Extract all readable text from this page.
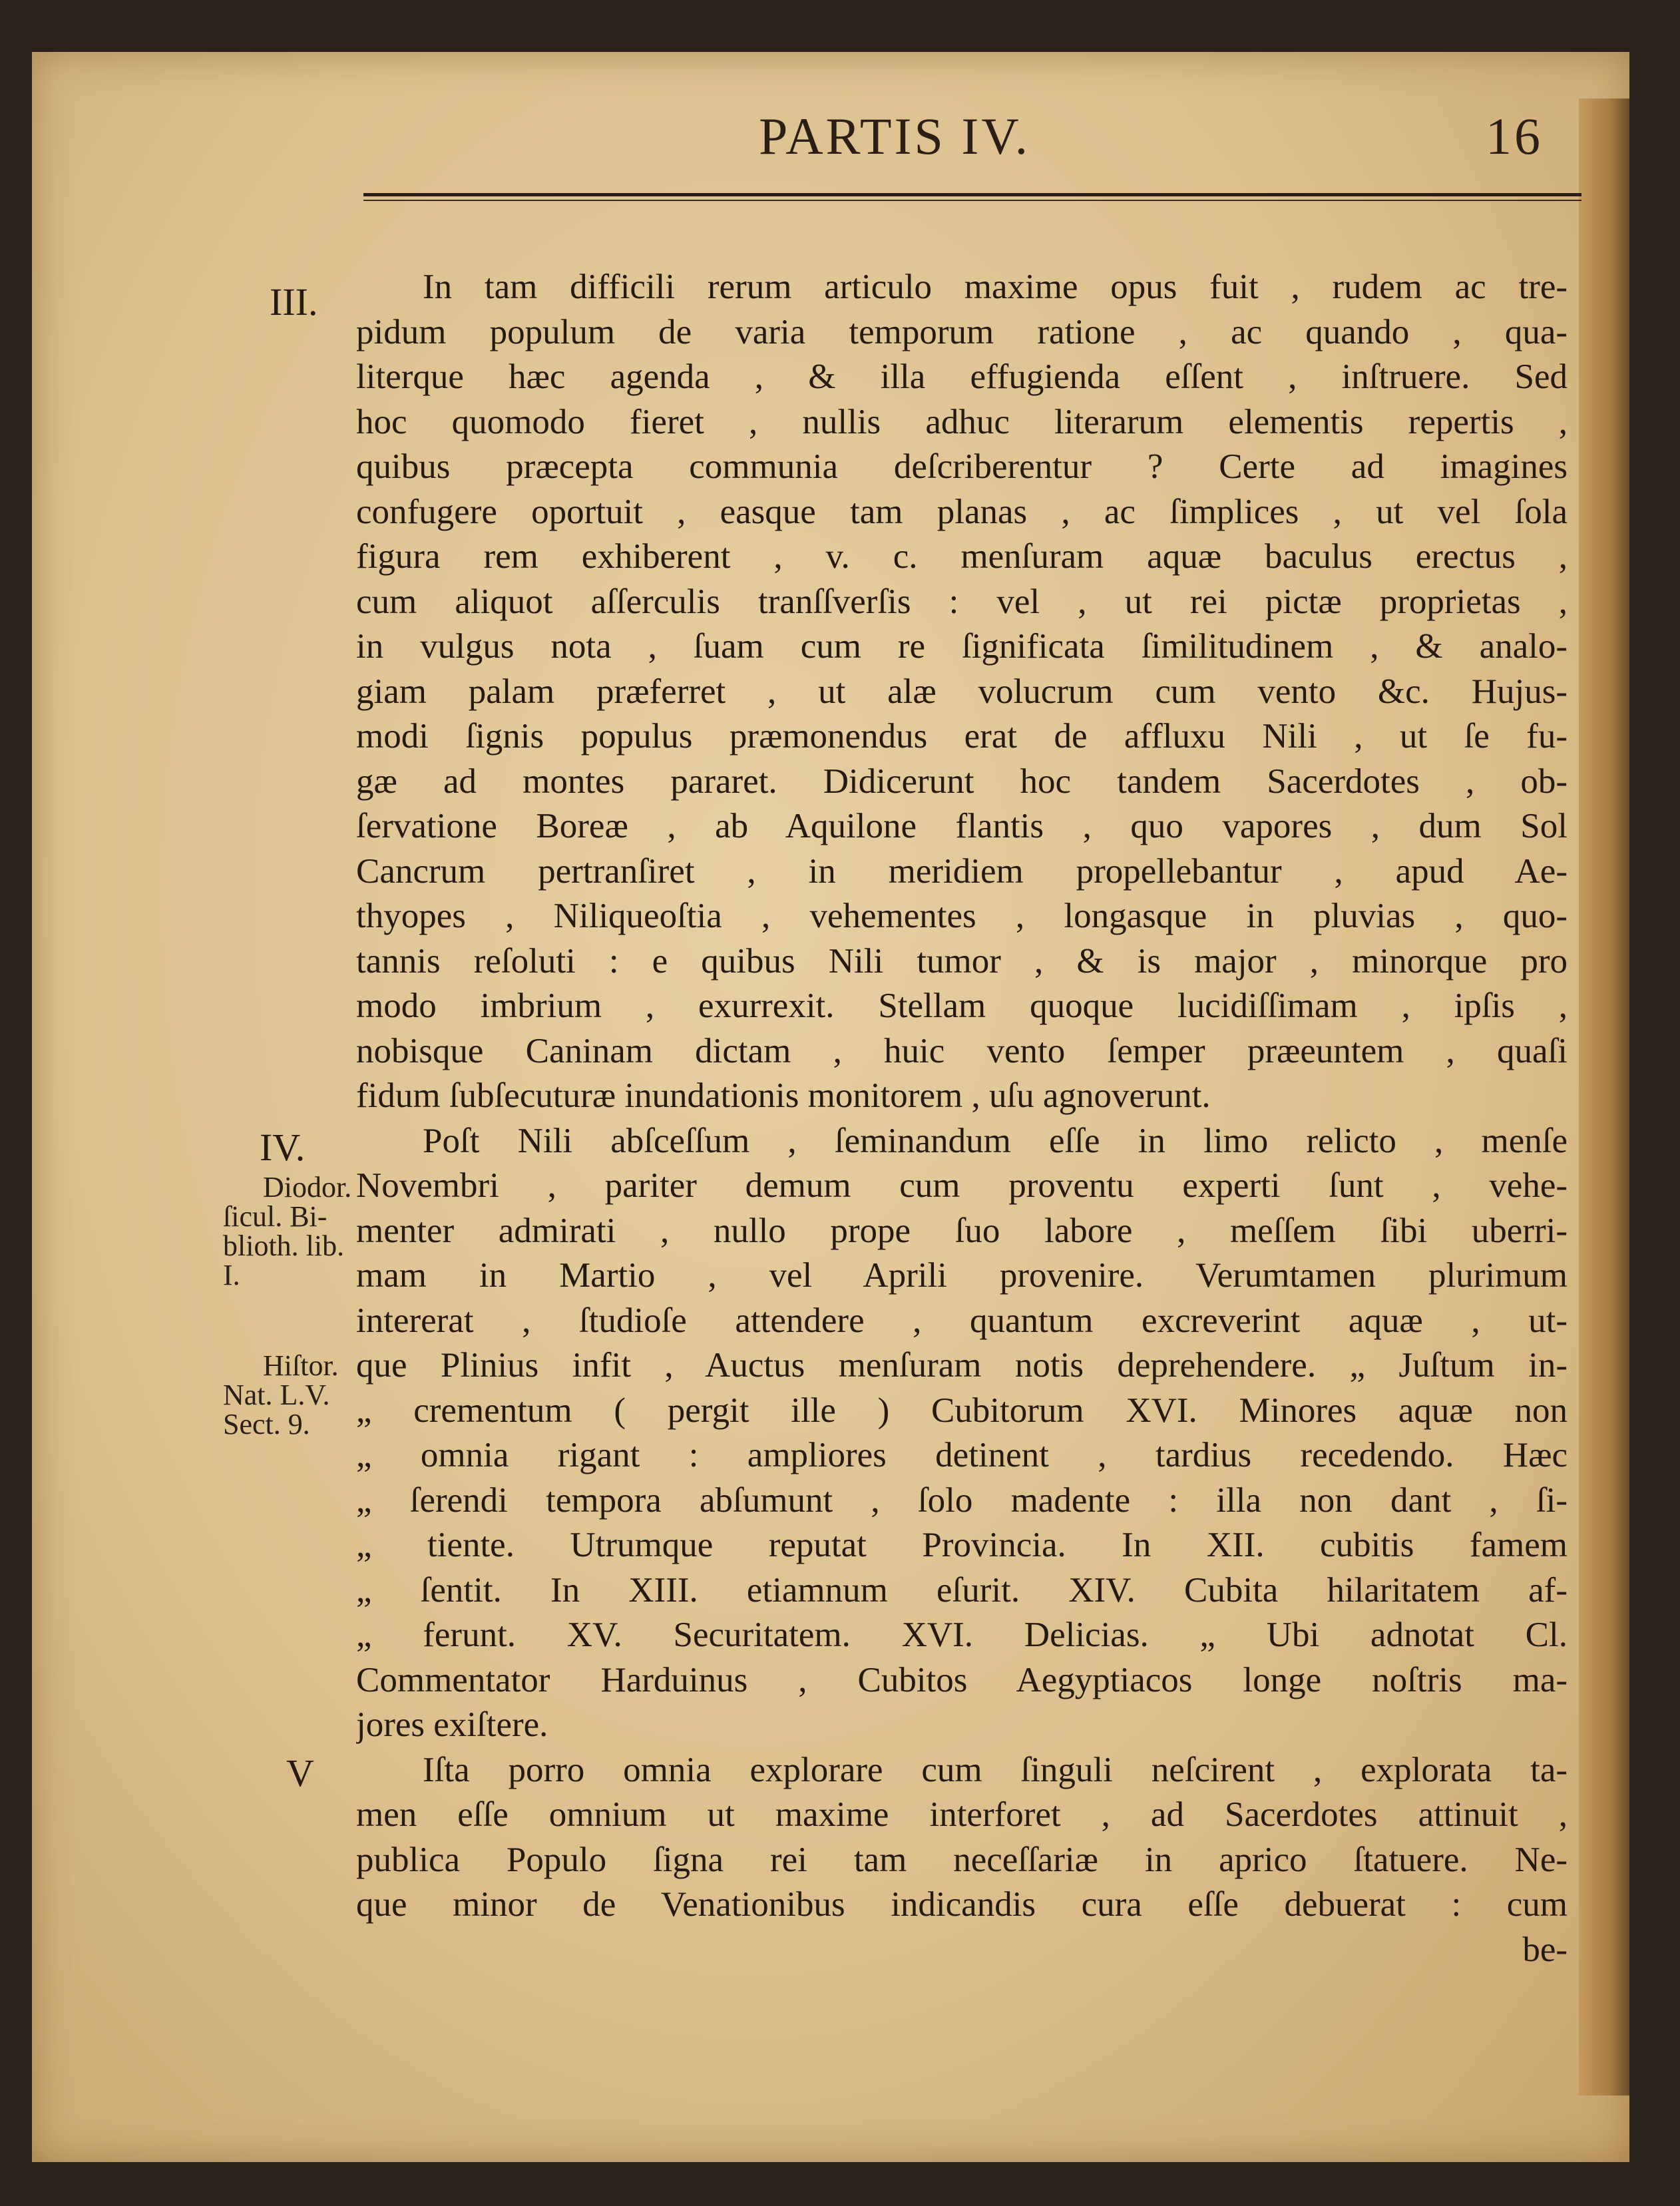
PARTIS IV.	16
III.
IV.
V
Diodor.
ſicul. Bi-
blioth. lib.
I.
Hiſtor.
Nat. L.V.
Sect. 9.
In tam difficili rerum articulo maxime opus fuit , rudem ac tre-
pidum populum de varia temporum ratione , ac quando , qua-
literque hæc agenda , & illa effugienda eſſent , inſtruere. Sed
hoc quomodo fieret , nullis adhuc literarum elementis repertis ,
quibus præcepta communia deſcriberentur ? Certe ad imagines
confugere oportuit , easque tam planas , ac ſimplices , ut vel ſola
figura rem exhiberent , v. c. menſuram aquæ baculus erectus ,
cum aliquot aſſerculis tranſſverſis : vel , ut rei pictæ proprietas ,
in vulgus nota , ſuam cum re ſignificata ſimilitudinem , & analo-
giam palam præferret , ut alæ volucrum cum vento &c. Hujus-
modi ſignis populus præmonendus erat de affluxu Nili , ut ſe fu-
gæ ad montes pararet. Didicerunt hoc tandem Sacerdotes , ob-
ſervatione Boreæ , ab Aquilone flantis , quo vapores , dum Sol
Cancrum pertranſiret , in meridiem propellebantur , apud Ae-
thyopes , Niliqueoſtia , vehementes , longasque in pluvias , quo-
tannis reſoluti : e quibus Nili tumor , & is major , minorque pro
modo imbrium , exurrexit. Stellam quoque lucidiſſimam , ipſis ,
nobisque Caninam dictam , huic vento ſemper præeuntem , quaſi
fidum ſubſecuturæ inundationis monitorem , uſu agnoverunt.
Poſt Nili abſceſſum , ſeminandum eſſe in limo relicto , menſe
Novembri , pariter demum cum proventu experti ſunt , vehe-
menter admirati , nullo prope ſuo labore , meſſem ſibi uberri-
mam in Martio , vel Aprili provenire. Verumtamen plurimum
intererat , ſtudioſe attendere , quantum excreverint aquæ , ut-
que Plinius infit , Auctus menſuram notis deprehendere. „ Juſtum in-
„ crementum ( pergit ille ) Cubitorum XVI. Minores aquæ non
„ omnia rigant : ampliores detinent , tardius recedendo. Hæc
„ ſerendi tempora abſumunt , ſolo madente : illa non dant , ſi-
„ tiente. Utrumque reputat Provincia. In XII. cubitis famem
„ ſentit. In XIII. etiamnum eſurit. XIV. Cubita hilaritatem af-
„ ferunt. XV. Securitatem. XVI. Delicias. „ Ubi adnotat Cl.
Commentator Harduinus , Cubitos Aegyptiacos longe noſtris ma-
jores exiſtere.
Iſta porro omnia explorare cum ſinguli neſcirent , explorata ta-
men eſſe omnium ut maxime interforet , ad Sacerdotes attinuit ,
publica Populo ſigna rei tam neceſſariæ in aprico ſtatuere. Ne-
que minor de Venationibus indicandis cura eſſe debuerat : cum
be-
